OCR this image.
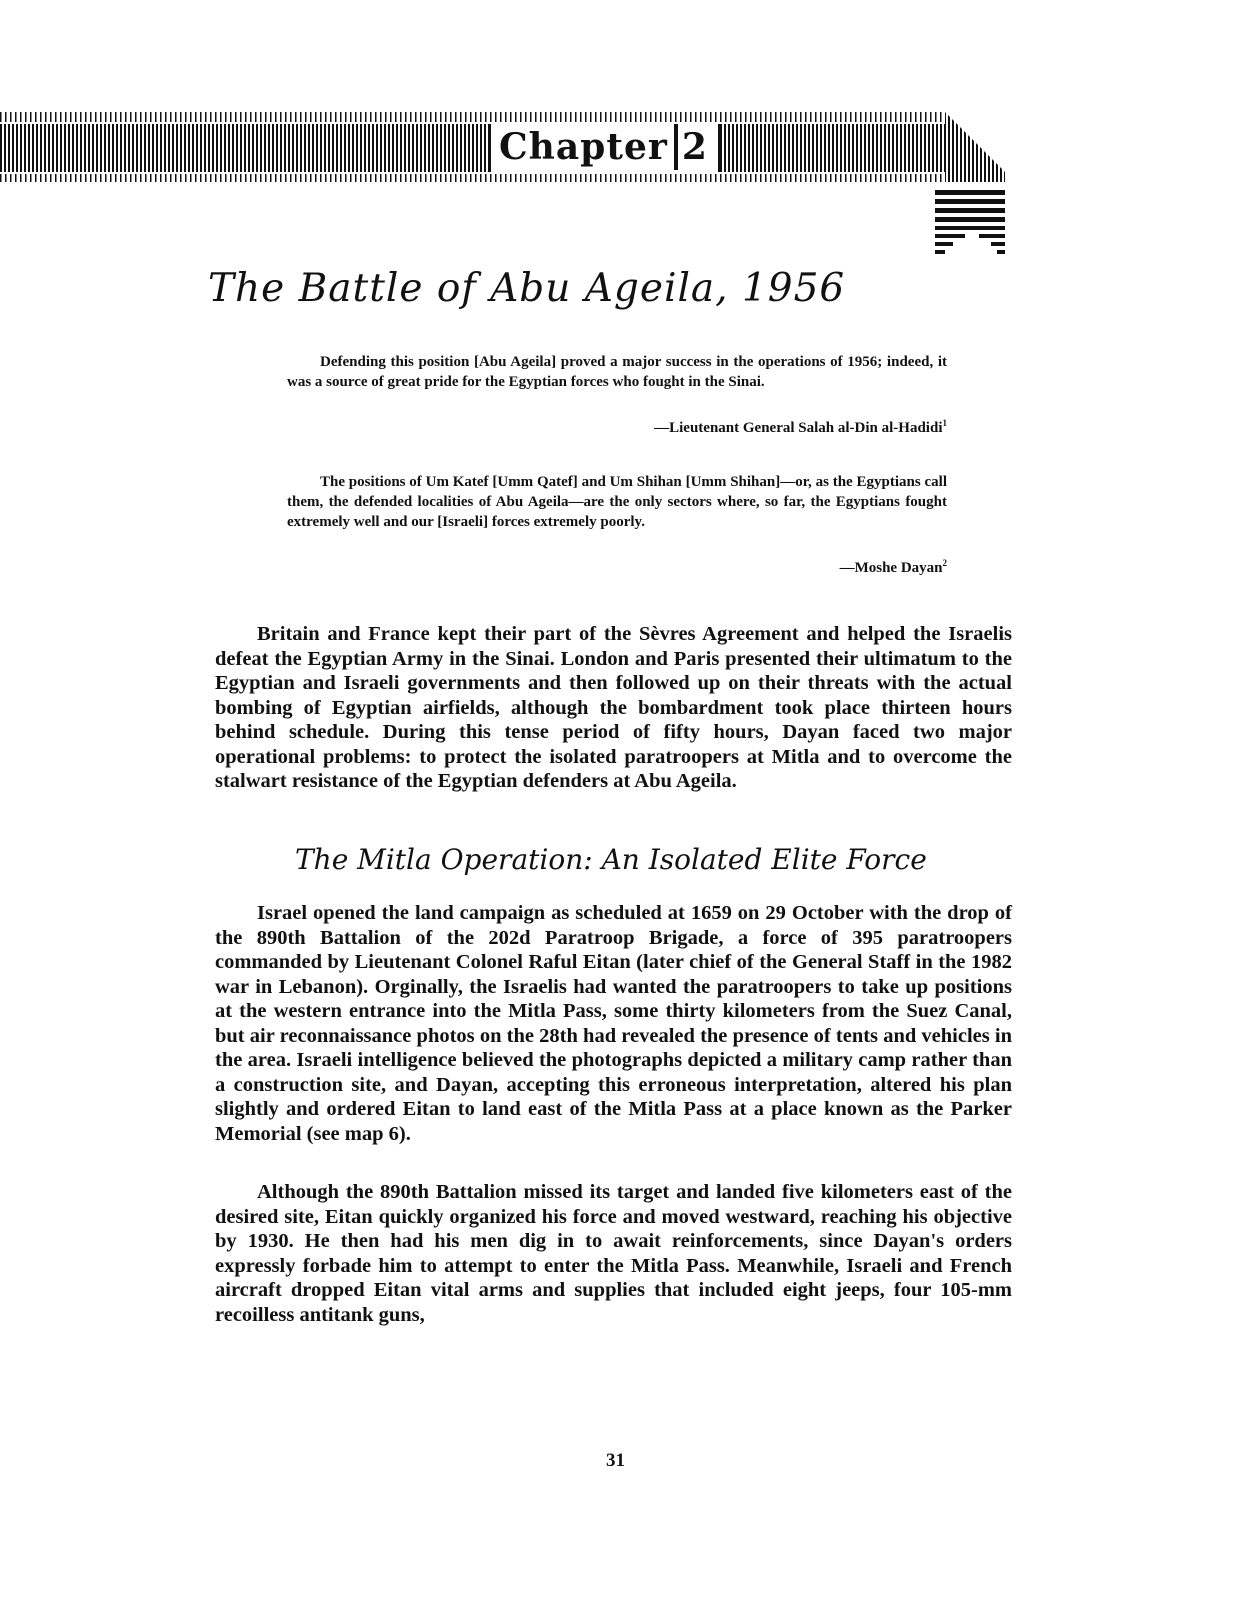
Chapter 2
The Battle of Abu Ageila, 1956

Defending this position [Abu Ageila] proved a major success in the operations of 1956; indeed, it was a source of great pride for the Egyptian forces who fought in the Sinai.

—Lieutenant General Salah al-Din al-Hadidi$^1$

The positions of Um Katef [Umm Qatef] and Um Shihan [Umm Shihan]—or, as the Egyptians call them, the defended localities of Abu Ageila—are the only sectors where, so far, the Egyptians fought extremely well and our [Israeli] forces extremely poorly.

—Moshe Dayan$^2$

Britain and France kept their part of the Sèvres Agreement and helped the Israelis defeat the Egyptian Army in the Sinai. London and Paris presented their ultimatum to the Egyptian and Israeli governments and then followed up on their threats with the actual bombing of Egyptian airfields, although the bombardment took place thirteen hours behind schedule. During this tense period of fifty hours, Dayan faced two major operational problems: to protect the isolated paratroopers at Mitla and to overcome the stalwart resistance of the Egyptian defenders at Abu Ageila.

The Mitla Operation: An Isolated Elite Force

Israel opened the land campaign as scheduled at 1659 on 29 October with the drop of the 890th Battalion of the 202d Paratroop Brigade, a force of 395 paratroopers commanded by Lieutenant Colonel Raful Eitan (later chief of the General Staff in the 1982 war in Lebanon). Orginally, the Israelis had wanted the paratroopers to take up positions at the western entrance into the Mitla Pass, some thirty kilometers from the Suez Canal, but air reconnaissance photos on the 28th had revealed the presence of tents and vehicles in the area. Israeli intelligence believed the photographs depicted a military camp rather than a construction site, and Dayan, accepting this erroneous interpretation, altered his plan slightly and ordered Eitan to land east of the Mitla Pass at a place known as the Parker Memorial (see map 6).

Although the 890th Battalion missed its target and landed five kilometers east of the desired site, Eitan quickly organized his force and moved westward, reaching his objective by 1930. He then had his men dig in to await reinforcements, since Dayan's orders expressly forbade him to attempt to enter the Mitla Pass. Meanwhile, Israeli and French aircraft dropped Eitan vital arms and supplies that included eight jeeps, four 105-mm recoilless antitank guns,

31
